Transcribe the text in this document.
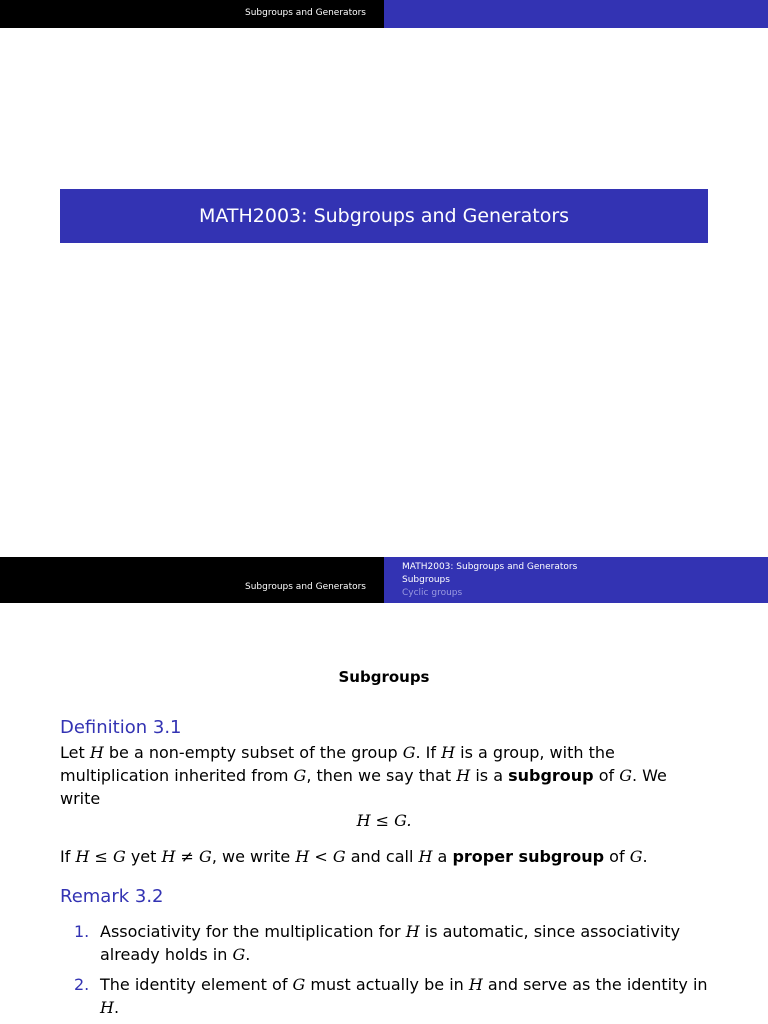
Subgroups and Generators
MATH2003: Subgroups and Generators
Subgroups and Generators
MATH2003: Subgroups and Generators
Subgroups
Cyclic groups
Subgroups
Definition 3.1
Let H be a non-empty subset of the group G. If H is a group, with the multiplication inherited from G, then we say that H is a subgroup of G. We write
H ≤ G.
If H ≤ G yet H ≠ G, we write H < G and call H a proper subgroup of G.
Remark 3.2
1. Associativity for the multiplication for H is automatic, since associativity already holds in G.
2. The identity element of G must actually be in H and serve as the identity in H.
